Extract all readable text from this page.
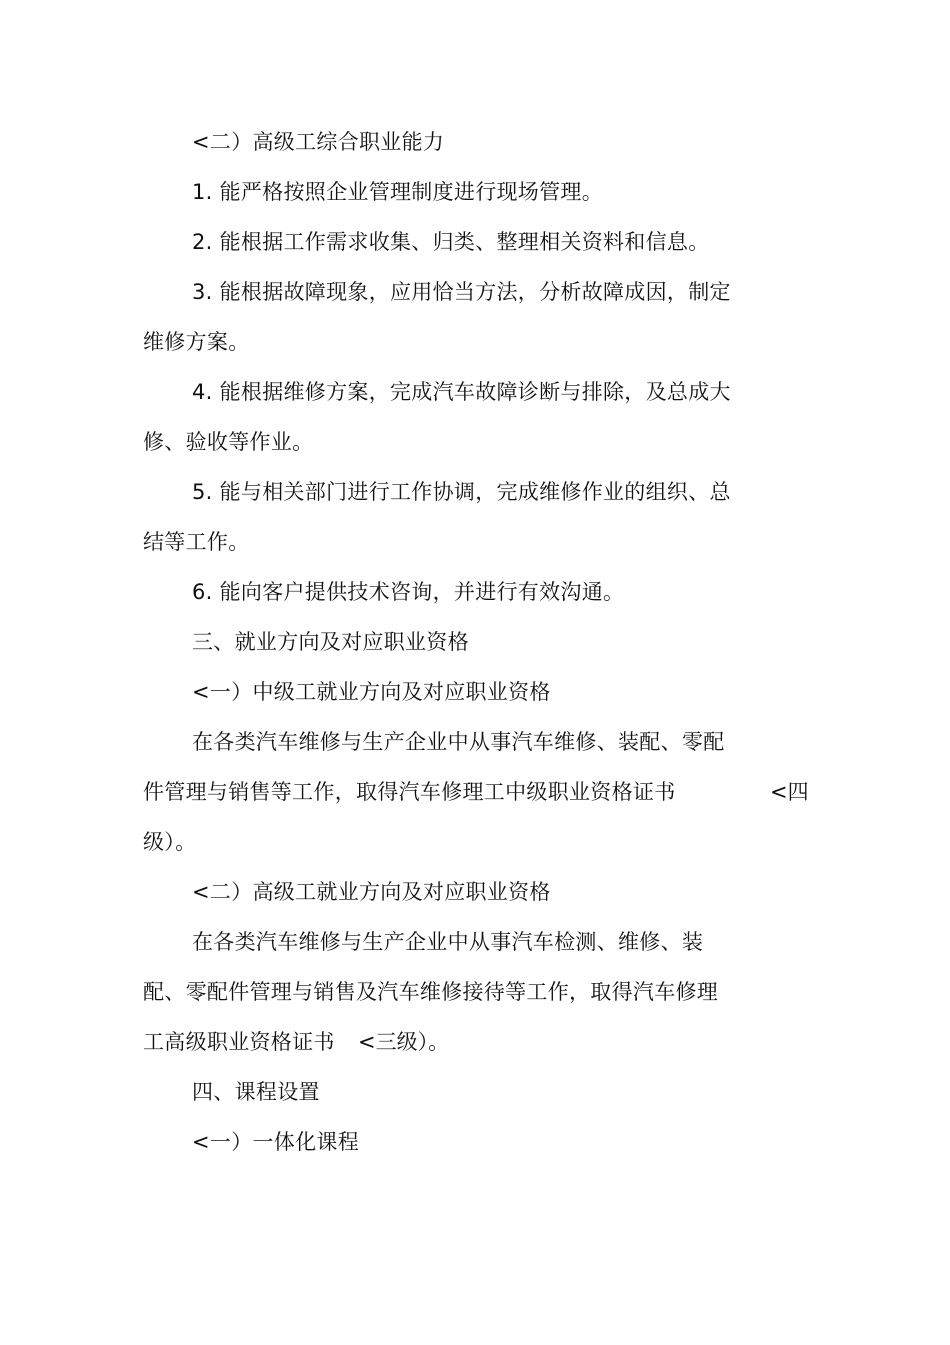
<二）高级工综合职业能力
1. 能严格按照企业管理制度进行现场管理。
2. 能根据工作需求收集、归类、整理相关资料和信息。
3. 能根据故障现象，应用恰当方法，分析故障成因，制定
维修方案。
4. 能根据维修方案，完成汽车故障诊断与排除，及总成大
修、验收等作业。
5. 能与相关部门进行工作协调，完成维修作业的组织、总
结等工作。
6. 能向客户提供技术咨询，并进行有效沟通。
三、就业方向及对应职业资格
<一）中级工就业方向及对应职业资格
在各类汽车维修与生产企业中从事汽车维修、装配、零配
件管理与销售等工作，取得汽车修理工中级职业资格证书	<四
级）。
<二）高级工就业方向及对应职业资格
在各类汽车维修与生产企业中从事汽车检测、维修、装
配、零配件管理与销售及汽车维修接待等工作，取得汽车修理
工高级职业资格证书 <三级）。
四、课程设置
<一）一体化课程
